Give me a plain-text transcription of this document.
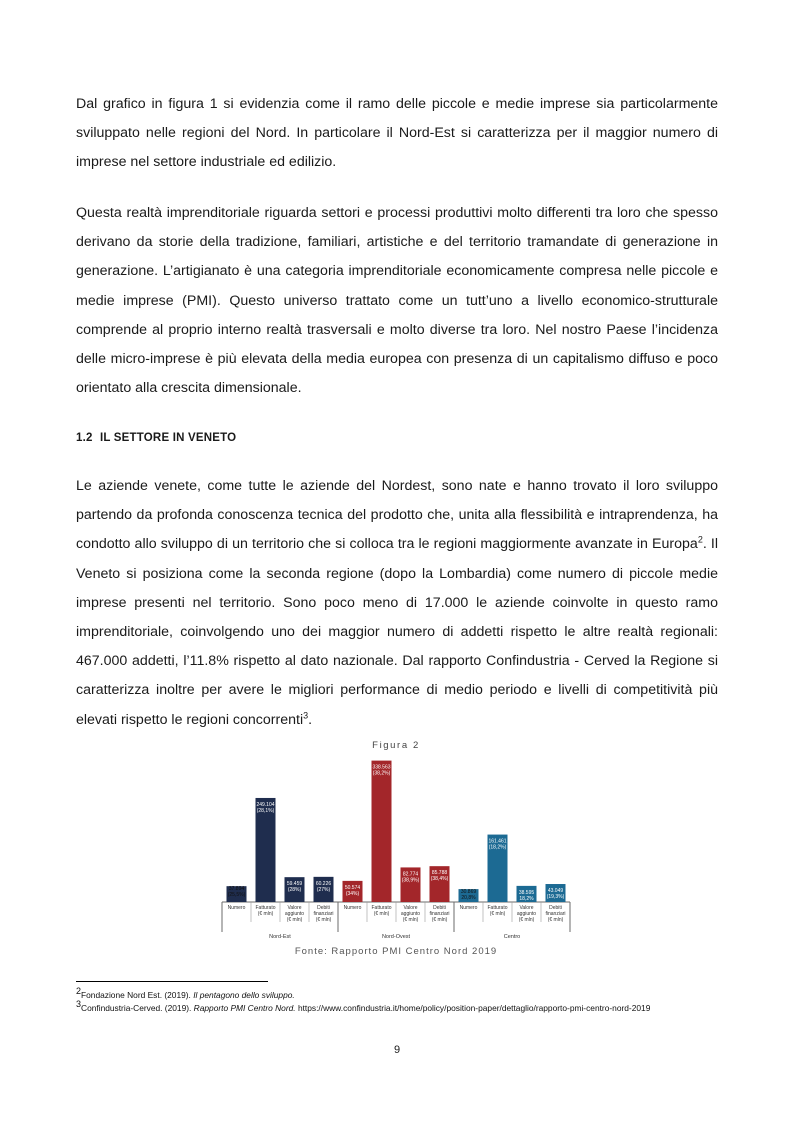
Dal grafico in figura 1 si evidenzia come il ramo delle piccole e medie imprese sia particolarmente sviluppato nelle regioni del Nord. In particolare il Nord-Est si caratterizza per il maggior numero di imprese nel settore industriale ed edilizio.

Questa realtà imprenditoriale riguarda settori e processi produttivi molto differenti tra loro che spesso derivano da storie della tradizione, familiari, artistiche e del territorio tramandate di generazione in generazione. L’artigianato è una categoria imprenditoriale economicamente compresa nelle piccole e medie imprese (PMI). Questo universo trattato come un tutt’uno a livello economico-strutturale comprende al proprio interno realtà trasversali e molto diverse tra loro. Nel nostro Paese l’incidenza delle micro-imprese è più elevata della media europea con presenza di un capitalismo diffuso e poco orientato alla crescita dimensionale.

1.2 IL SETTORE IN VENETO

Le aziende venete, come tutte le aziende del Nordest, sono nate e hanno trovato il loro sviluppo partendo da profonda conoscenza tecnica del prodotto che, unita alla flessibilità e intraprendenza, ha condotto allo sviluppo di un territorio che si colloca tra le regioni maggiormente avanzate in Europa$^2$. Il Veneto si posiziona come la seconda regione (dopo la Lombardia) come numero di piccole medie imprese presenti nel territorio. Sono poco meno di 17.000 le aziende coinvolte in questo ramo imprenditoriale, coinvolgendo uno dei maggior numero di addetti rispetto le altre realtà regionali: 467.000 addetti, l’11.8% rispetto al dato nazionale. Dal rapporto Confindustria - Cerved la Regione si caratterizza inoltre per avere le migliori performance di medio periodo e livelli di competitività più elevati rispetto le regioni concorrenti$^3$.

Figura 2
37.894 (25,5%)
Numero
249.104 (28,1%)
Fatturato (€ mln)
59.459 (28%)
Valore aggiunto (€ mln)
60.226 (27%)
Debiti finanziari (€ mln)
Nord-Est
50.574 (34%)
Numero
338.563 (38,2%)
Fatturato (€ mln)
82.774 (38,9%)
Valore aggiunto (€ mln)
85.788 (38,4%)
Debiti finanziari (€ mln)
Nord-Ovest
30.869 20,8%
Numero
161.461 (18,2%)
Fatturato (€ mln)
38.595 18,2%
Valore aggiunto (€ mln)
43.049 (19,3%)
Debiti finanziari (€ mln)
Centro
Fonte: Rapporto PMI Centro Nord 2019

$^2$Fondazione Nord Est. (2019). Il pentagono dello sviluppo.

$^3$Confindustria-Cerved. (2019). Rapporto PMI Centro Nord. https://www.confindustria.it/home/policy/position-paper/dettaglio/rapporto-pmi-centro-nord-2019

9
